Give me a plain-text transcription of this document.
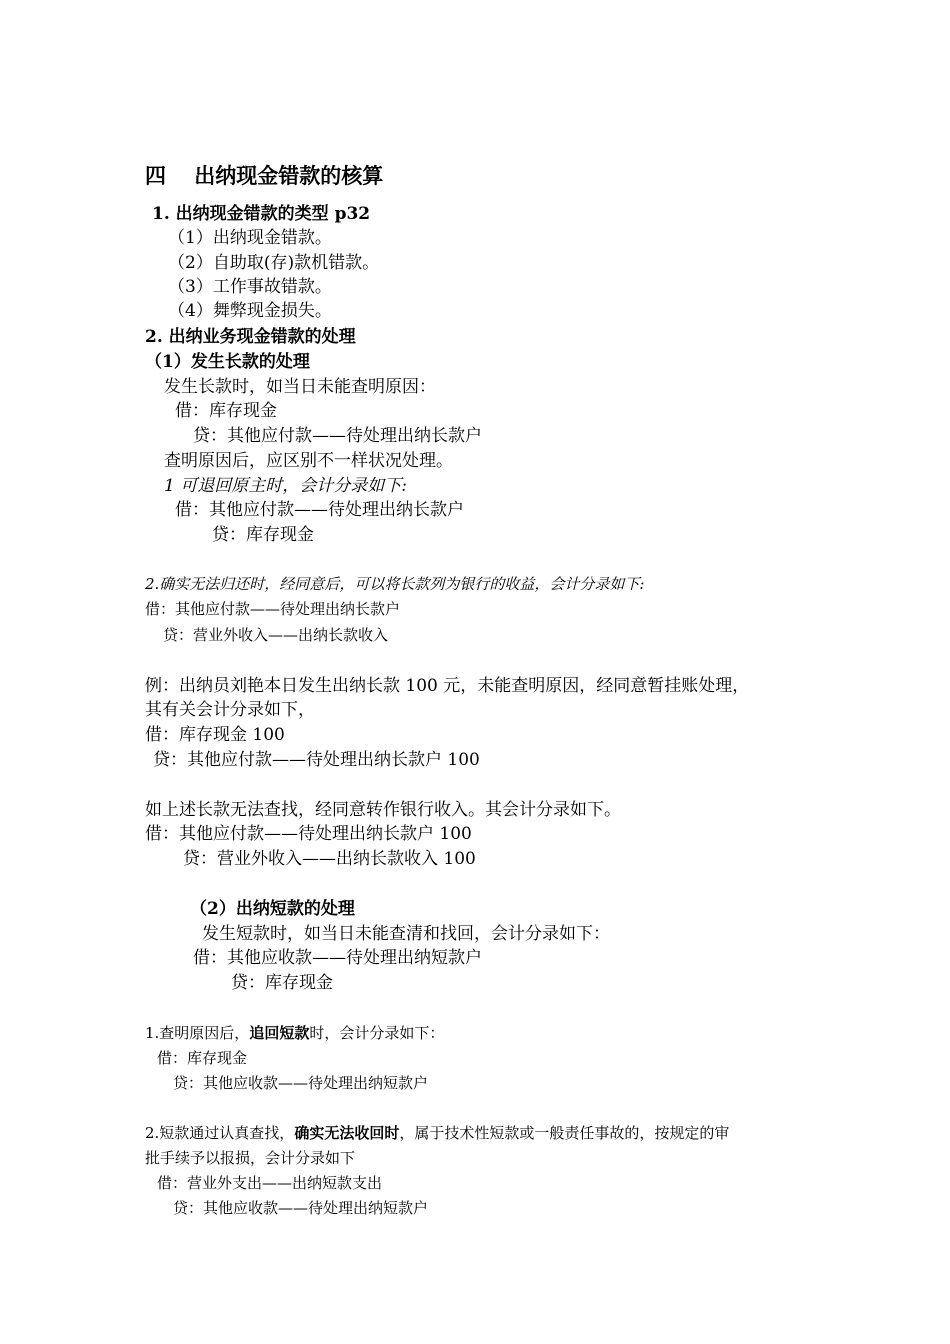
四　 出纳现金错款的核算
1. 出纳现金错款的类型 p32
（1）出纳现金错款。
（2）自助取(存)款机错款。
（3）工作事故错款。
（4）舞弊现金损失。
2. 出纳业务现金错款的处理
（1）发生长款的处理
发生长款时，如当日未能查明原因：
借：库存现金
贷：其他应付款——待处理出纳长款户
查明原因后，应区别不一样状况处理。
1 可退回原主时，会计分录如下:
借：其他应付款——待处理出纳长款户
贷：库存现金
2.确实无法归还时，经同意后，可以将长款列为银行的收益，会计分录如下:
借：其他应付款——待处理出纳长款户
贷：营业外收入——出纳长款收入
例：出纳员刘艳本日发生出纳长款 100 元，未能查明原因，经同意暂挂账处理，
其有关会计分录如下，
借：库存现金 100
贷：其他应付款——待处理出纳长款户 100
如上述长款无法查找，经同意转作银行收入。其会计分录如下。
借：其他应付款——待处理出纳长款户 100
贷：营业外收入——出纳长款收入 100
（2）出纳短款的处理
发生短款时，如当日未能查清和找回，会计分录如下：
借：其他应收款——待处理出纳短款户
贷：库存现金
1.查明原因后，追回短款时，会计分录如下：
借：库存现金
贷：其他应收款——待处理出纳短款户
2.短款通过认真查找，确实无法收回时，属于技术性短款或一般责任事故的，按规定的审
批手续予以报损，会计分录如下
借：营业外支出——出纳短款支出
贷：其他应收款——待处理出纳短款户
